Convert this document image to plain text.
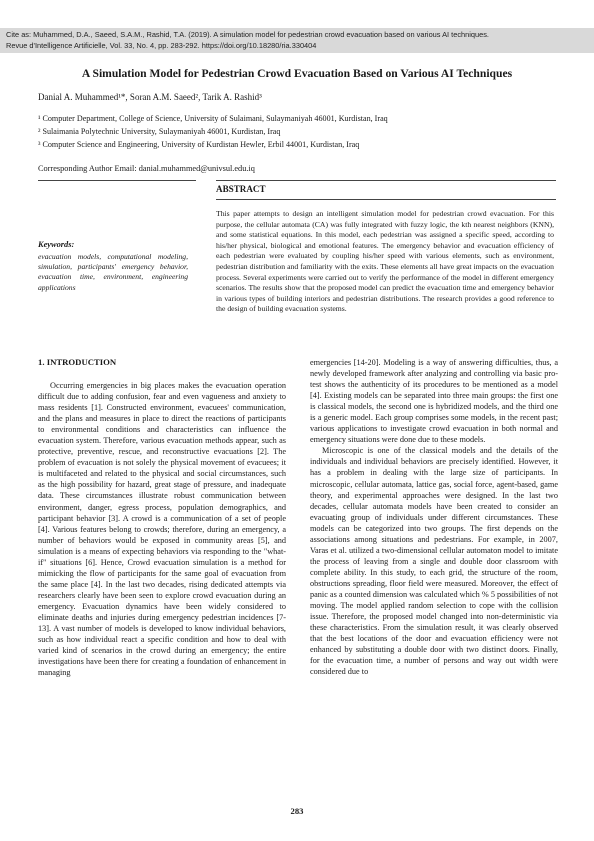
Cite as: Muhammed, D.A., Saeed, S.A.M., Rashid, T.A. (2019). A simulation model for pedestrian crowd evacuation based on various AI techniques.
Revue d'Intelligence Artificielle, Vol. 33, No. 4, pp. 283-292. https://doi.org/10.18280/ria.330404
A Simulation Model for Pedestrian Crowd Evacuation Based on Various AI Techniques
Danial A. Muhammed¹*, Soran A.M. Saeed², Tarik A. Rashid³
¹ Computer Department, College of Science, University of Sulaimani, Sulaymaniyah 46001, Kurdistan, Iraq
² Sulaimania Polytechnic University, Sulaymaniyah 46001, Kurdistan, Iraq
³ Computer Science and Engineering, University of Kurdistan Hewler, Erbil 44001, Kurdistan, Iraq
Corresponding Author Email: danial.muhammed@univsul.edu.iq
ABSTRACT
This paper attempts to design an intelligent simulation model for pedestrian crowd evacuation. For this purpose, the cellular automata (CA) was fully integrated with fuzzy logic, the kth nearest neighbors (KNN), and some statistical equations. In this model, each pedestrian was assigned a specific speed, according to his/her physical, biological and emotional features. The emergency behavior and evacuation efficiency of each pedestrian were evaluated by coupling his/her speed with various elements, such as environment, pedestrian distribution and familiarity with the exits. These elements all have great impacts on the evacuation process. Several experiments were carried out to verify the performance of the model in different emergency scenarios. The results show that the proposed model can predict the evacuation time and emergency behavior in various types of building interiors and pedestrian distributions. The research provides a good reference to the design of building evacuation systems.
Keywords:
evacuation models, computational modeling, simulation, participants' emergency behavior, evacuation time, environment, engineering applications
1. INTRODUCTION

Occurring emergencies in big places makes the evacuation operation difficult due to adding confusion, fear and even vagueness and anxiety to mass residents [1]. Constructed environment, evacuees' communication, and the plans and measures in place to direct the reactions of participants to environmental conditions and characteristics can influence the evacuation system. Therefore, various evacuation methods appear, such as protective, preventive, rescue, and reconstructive evacuations [2]. The problem of evacuation is not solely the physical movement of evacuees; it is multifaceted and related to the physical and social circumstances, such as the high possibility for hazard, great stage of pressure, and inadequate data. These circumstances illustrate robust communication between environment, danger, egress process, population demographics, and participant behavior [3]. A crowd is a communication of a set of people [4]. Various features belong to crowds; therefore, during an emergency, a number of behaviors would be exposed in community areas [5], and simulation is a means of expecting behaviors via responding to the "what-if" situations [6]. Hence, Crowd evacuation simulation is a method for mimicking the flow of participants for the same goal of evacuation from the same place [4]. In the last two decades, rising dedicated attempts via researchers clearly have been seen to explore crowd evacuation during an emergency. Evacuation dynamics have been widely considered to eliminate deaths and injuries during emergency pedestrian incidences [7-13]. A vast number of models is developed to know individual behaviors, such as how individual react a specific condition and how to deal with varied kind of scenarios in the crowd during an emergency; the entire investigations have been there for creating a foundation of enhancement in managing

emergencies [14-20]. Modeling is a way of answering difficulties, thus, a newly developed framework after analyzing and controlling via basic pro-test shows the authenticity of its procedures to be mentioned as a model [4]. Existing models can be separated into three main groups: the first one is classical models, the second one is hybridized models, and the third one is a generic model. Each group comprises some models, in the recent past; various applications to investigate crowd evacuation in both normal and emergency situations were done due to these models.

Microscopic is one of the classical models and the details of the individuals and individual behaviors are precisely identified. However, it has a problem in dealing with the large size of participants. In microscopic, cellular automata, lattice gas, social force, agent-based, game theory, and experimental approaches were designed. In the last two decades, cellular automata models have been created to consider an evacuating group of individuals under different circumstances. These models can be categorized into two groups. The first depends on the associations among situations and pedestrians. For example, in 2007, Varas et al. utilized a two-dimensional cellular automaton model to imitate the process of leaving from a single and double door classroom with complete ability. In this study, to each grid, the structure of the room, obstructions spreading, floor field were measured. Moreover, the effect of panic as a counted dimension was calculated which % 5 possibilities of not moving. The model applied random selection to cope with the collision issue. Therefore, the proposed model changed into non-deterministic via these characteristics. From the simulation result, it was clearly observed that the best locations of the door and evacuation efficiency were not enhanced by substituting a double door with two distinct doors. Finally, for the evacuation time, a number of persons and way out width were considered due to

283
